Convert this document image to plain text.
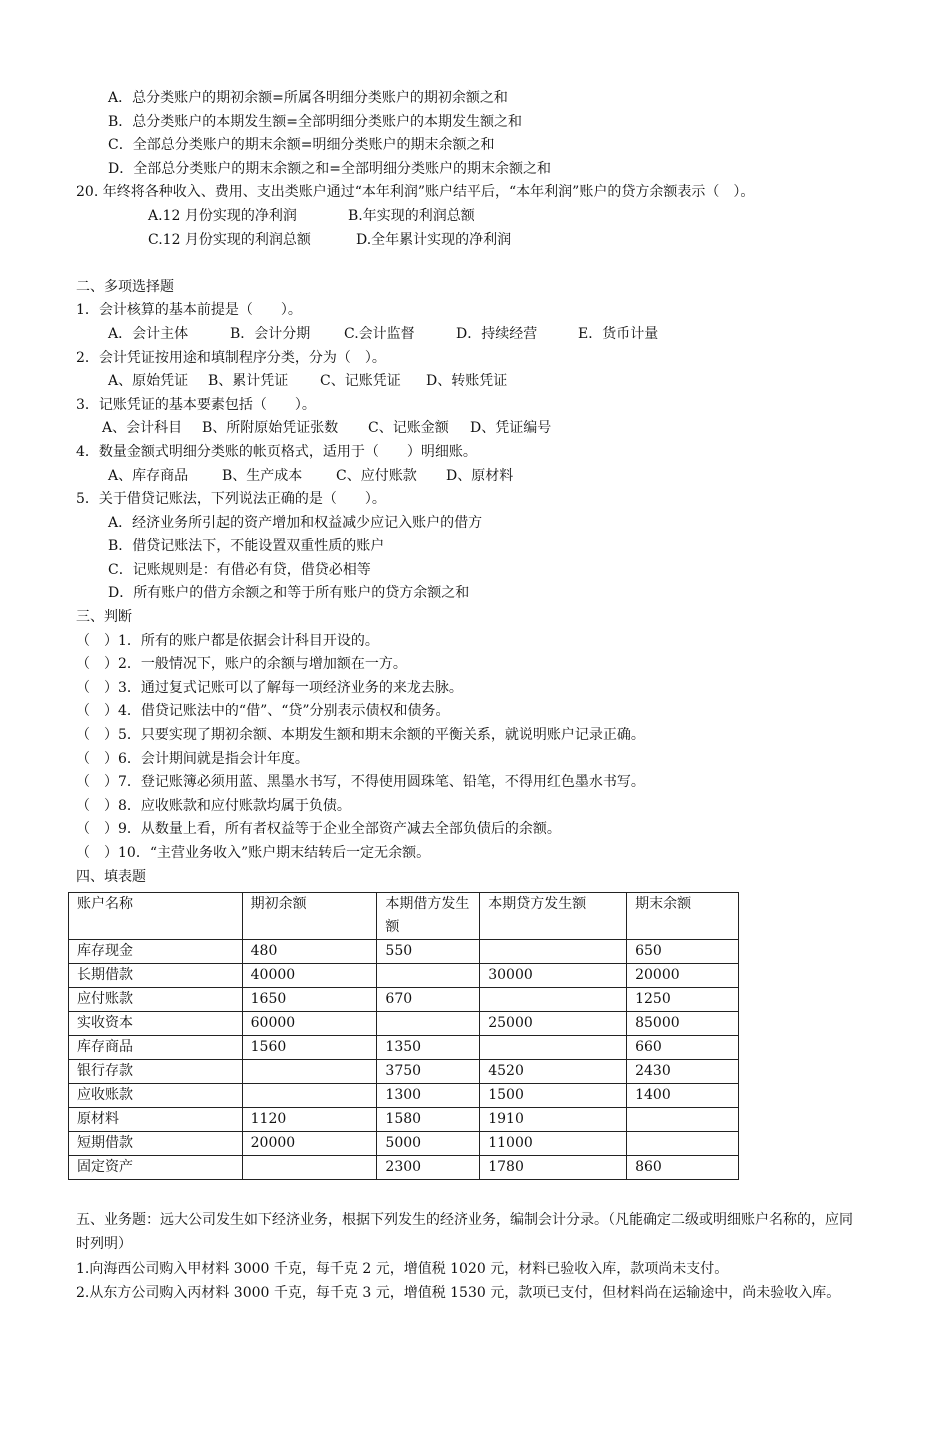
A．总分类账户的期初余额=所属各明细分类账户的期初余额之和
B．总分类账户的本期发生额=全部明细分类账户的本期发生额之和
C．全部总分类账户的期末余额=明细分类账户的期末余额之和
D．全部总分类账户的期末余额之和=全部明细分类账户的期末余额之和
20. 年终将各种收入、费用、支出类账户通过“本年利润”账户结平后，“本年利润”账户的贷方余额表示（　）。
A.12 月份实现的净利润	B.年实现的利润总额
C.12 月份实现的利润总额	D.全年累计实现的净利润
二、多项选择题
1．会计核算的基本前提是（　　）。
A．会计主体	B．会计分期 C.会计监督	D．持续经营	E．货币计量
2．会计凭证按用途和填制程序分类，分为（　）。
A、原始凭证 B、累计凭证 C、记账凭证 D、转账凭证
3．记账凭证的基本要素包括（　　）。
A、会计科目 B、所附原始凭证张数 C、记账金额 D、凭证编号
4．数量金额式明细分类账的帐页格式，适用于（　　）明细账。
A、库存商品 B、生产成本 C、应付账款 D、原材料
5．关于借贷记账法，下列说法正确的是（　　）。
A．经济业务所引起的资产增加和权益减少应记入账户的借方
B．借贷记账法下，不能设置双重性质的账户
C．记账规则是：有借必有贷，借贷必相等
D．所有账户的借方余额之和等于所有账户的贷方余额之和
三、判断
（　）1．所有的账户都是依据会计科目开设的。
（　）2．一般情况下，账户的余额与增加额在一方。
（　）3．通过复式记账可以了解每一项经济业务的来龙去脉。
（　）4．借贷记账法中的“借”、“贷”分别表示债权和债务。
（　）5．只要实现了期初余额、本期发生额和期末余额的平衡关系，就说明账户记录正确。
（　）6．会计期间就是指会计年度。
（　）7．登记账簿必须用蓝、黑墨水书写，不得使用圆珠笔、铅笔，不得用红色墨水书写。
（　）8．应收账款和应付账款均属于负债。
（　）9．从数量上看，所有者权益等于企业全部资产减去全部负债后的余额。
（　）10．“主营业务收入”账户期末结转后一定无余额。
四、填表题
账户名称	期初余额	本期借方发生额	本期贷方发生额	期末余额
库存现金	480	550		650
长期借款	40000		30000	20000
应付账款	1650	670		1250
实收资本	60000		25000	85000
库存商品	1560	1350		660
银行存款		3750	4520	2430
应收账款		1300	1500	1400
原材料	1120	1580	1910	
短期借款	20000	5000	11000	
固定资产		2300	1780	860
五、业务题：远大公司发生如下经济业务，根据下列发生的经济业务，编制会计分录。（凡能确定二级或明细账户名称的，应同时列明）
1.向海西公司购入甲材料 3000 千克，每千克 2 元，增值税 1020 元，材料已验收入库，款项尚未支付。
2.从东方公司购入丙材料 3000 千克，每千克 3 元，增值税 1530 元，款项已支付，但材料尚在运输途中，尚未验收入库。
